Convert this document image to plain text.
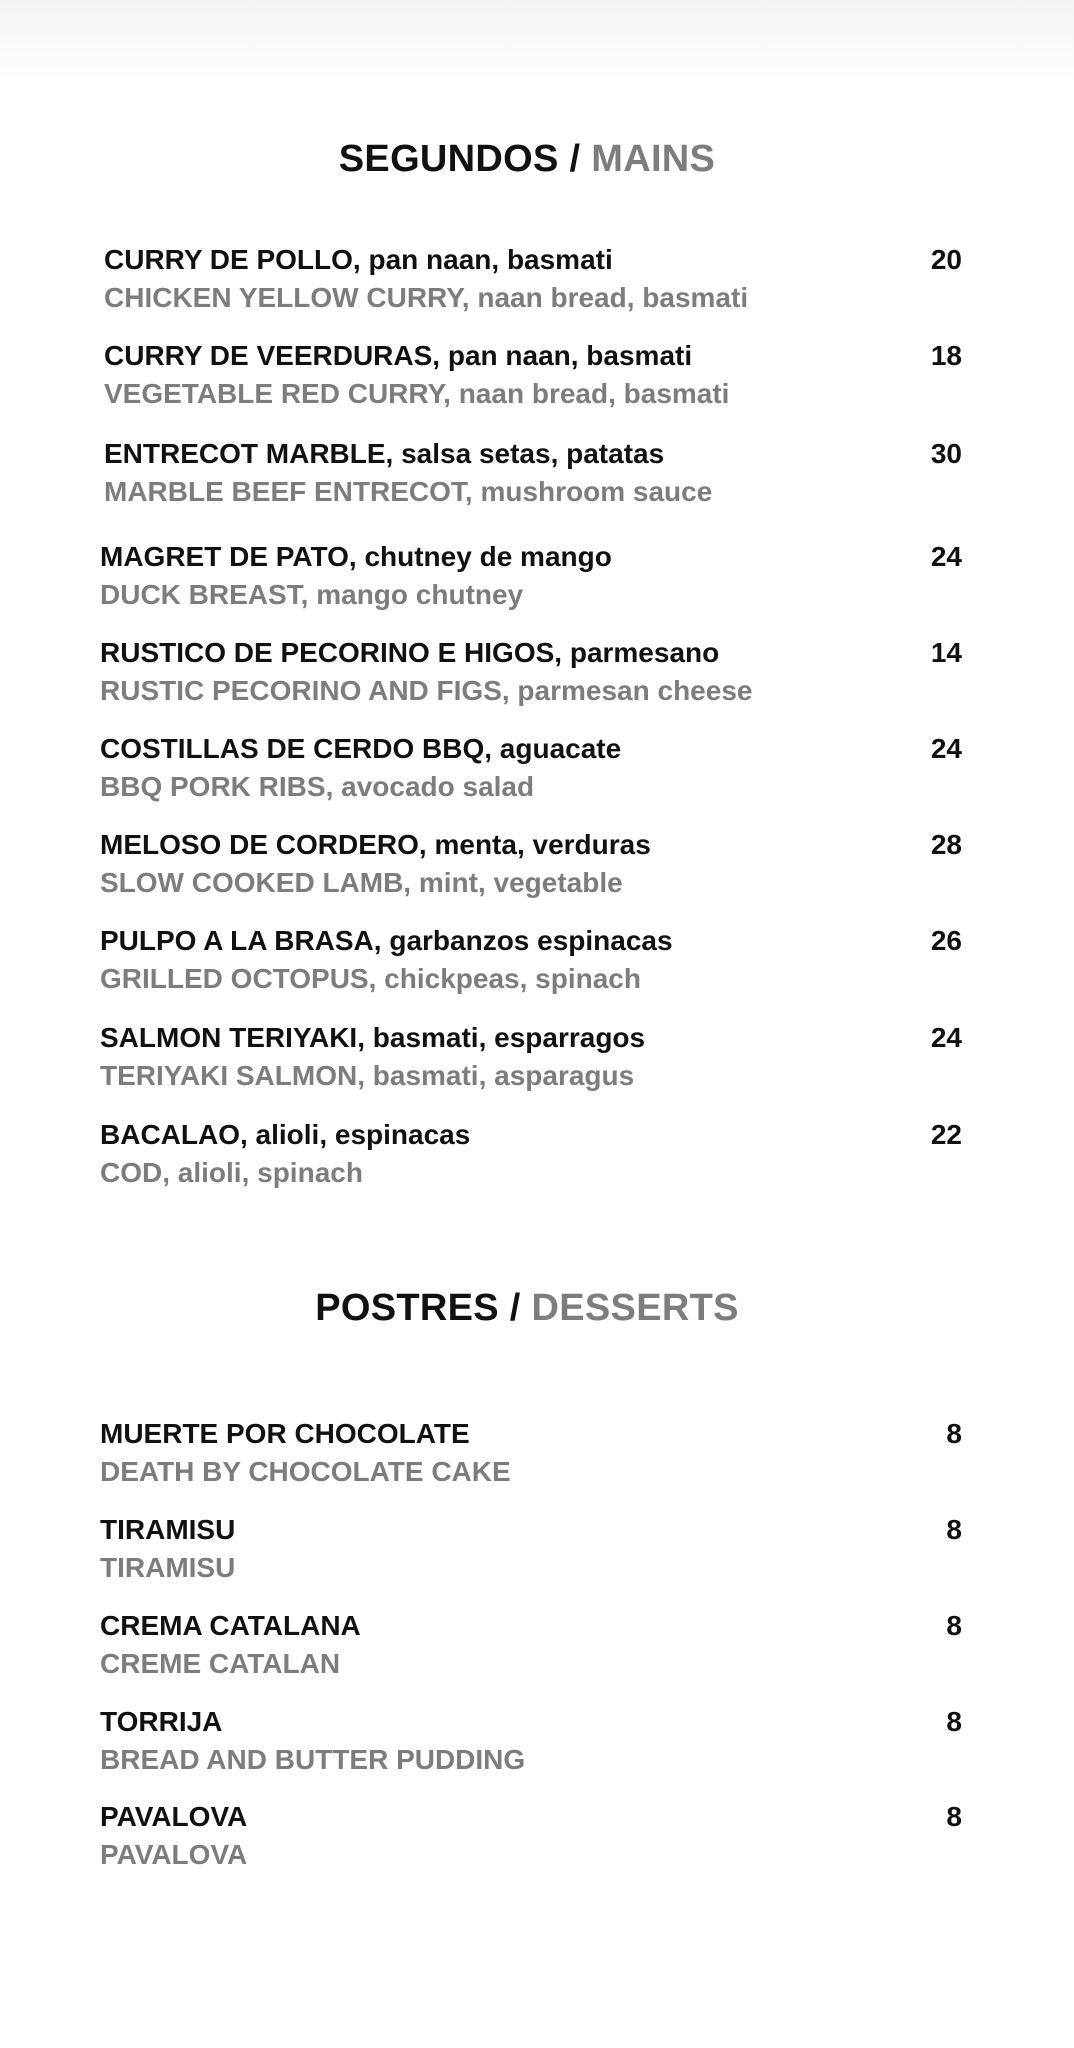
SEGUNDOS / MAINS
CURRY DE POLLO, pan naan, basmati
CHICKEN YELLOW CURRY, naan bread, basmati
20
CURRY DE VEERDURAS, pan naan, basmati
VEGETABLE RED CURRY, naan bread, basmati
18
ENTRECOT MARBLE, salsa setas, patatas
MARBLE BEEF ENTRECOT, mushroom sauce
30
MAGRET DE PATO, chutney de mango
DUCK BREAST, mango chutney
24
RUSTICO DE PECORINO E HIGOS, parmesano
RUSTIC PECORINO AND FIGS, parmesan cheese
14
COSTILLAS DE CERDO BBQ, aguacate
BBQ PORK RIBS, avocado salad
24
MELOSO DE CORDERO, menta, verduras
SLOW COOKED LAMB, mint, vegetable
28
PULPO A LA BRASA, garbanzos espinacas
GRILLED OCTOPUS, chickpeas, spinach
26
SALMON TERIYAKI, basmati, esparragos
TERIYAKI SALMON, basmati, asparagus
24
BACALAO, alioli, espinacas
COD, alioli, spinach
22
POSTRES / DESSERTS
MUERTE POR CHOCOLATE
DEATH BY CHOCOLATE CAKE
8
TIRAMISU
TIRAMISU
8
CREMA CATALANA
CREME CATALAN
8
TORRIJA
BREAD AND BUTTER PUDDING
8
PAVALOVA
PAVALOVA
8
